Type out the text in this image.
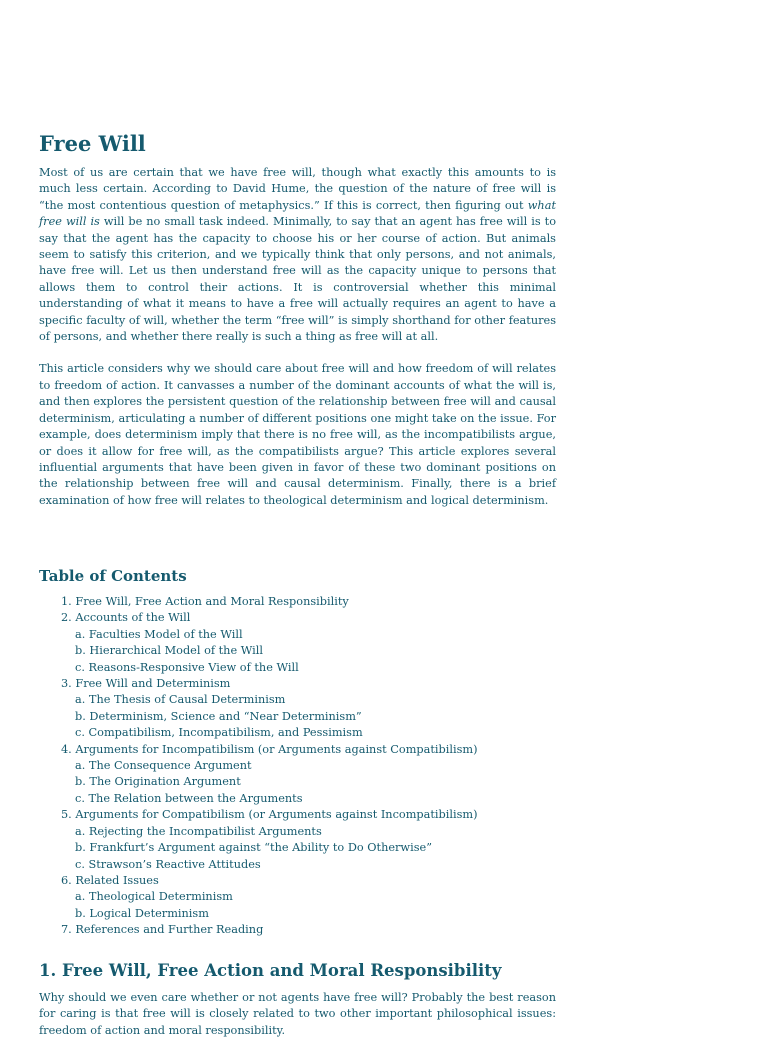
Free Will

Most of us are certain that we have free will, though what exactly this amounts to is much less certain. According to David Hume, the question of the nature of free will is “the most contentious question of metaphysics.” If this is correct, then figuring out what free will is will be no small task indeed. Minimally, to say that an agent has free will is to say that the agent has the capacity to choose his or her course of action. But animals seem to satisfy this criterion, and we typically think that only persons, and not animals, have free will. Let us then understand free will as the capacity unique to persons that allows them to control their actions. It is controversial whether this minimal understanding of what it means to have a free will actually requires an agent to have a specific faculty of will, whether the term “free will” is simply shorthand for other features of persons, and whether there really is such a thing as free will at all.

This article considers why we should care about free will and how freedom of will relates to freedom of action. It canvasses a number of the dominant accounts of what the will is, and then explores the persistent question of the relationship between free will and causal determinism, articulating a number of different positions one might take on the issue. For example, does determinism imply that there is no free will, as the incompatibilists argue, or does it allow for free will, as the compatibilists argue? This article explores several influential arguments that have been given in favor of these two dominant positions on the relationship between free will and causal determinism. Finally, there is a brief examination of how free will relates to theological determinism and logical determinism.

Table of Contents
1. Free Will, Free Action and Moral Responsibility
2. Accounts of the Will
a. Faculties Model of the Will
b. Hierarchical Model of the Will
c. Reasons-Responsive View of the Will
3. Free Will and Determinism
a. The Thesis of Causal Determinism
b. Determinism, Science and “Near Determinism”
c. Compatibilism, Incompatibilism, and Pessimism
4. Arguments for Incompatibilism (or Arguments against Compatibilism)
a. The Consequence Argument
b. The Origination Argument
c. The Relation between the Arguments
5. Arguments for Compatibilism (or Arguments against Incompatibilism)
a. Rejecting the Incompatibilist Arguments
b. Frankfurt’s Argument against “the Ability to Do Otherwise”
c. Strawson’s Reactive Attitudes
6. Related Issues
a. Theological Determinism
b. Logical Determinism
7. References and Further Reading
1. Free Will, Free Action and Moral Responsibility

Why should we even care whether or not agents have free will? Probably the best reason for caring is that free will is closely related to two other important philosophical issues: freedom of action and moral responsibility.
